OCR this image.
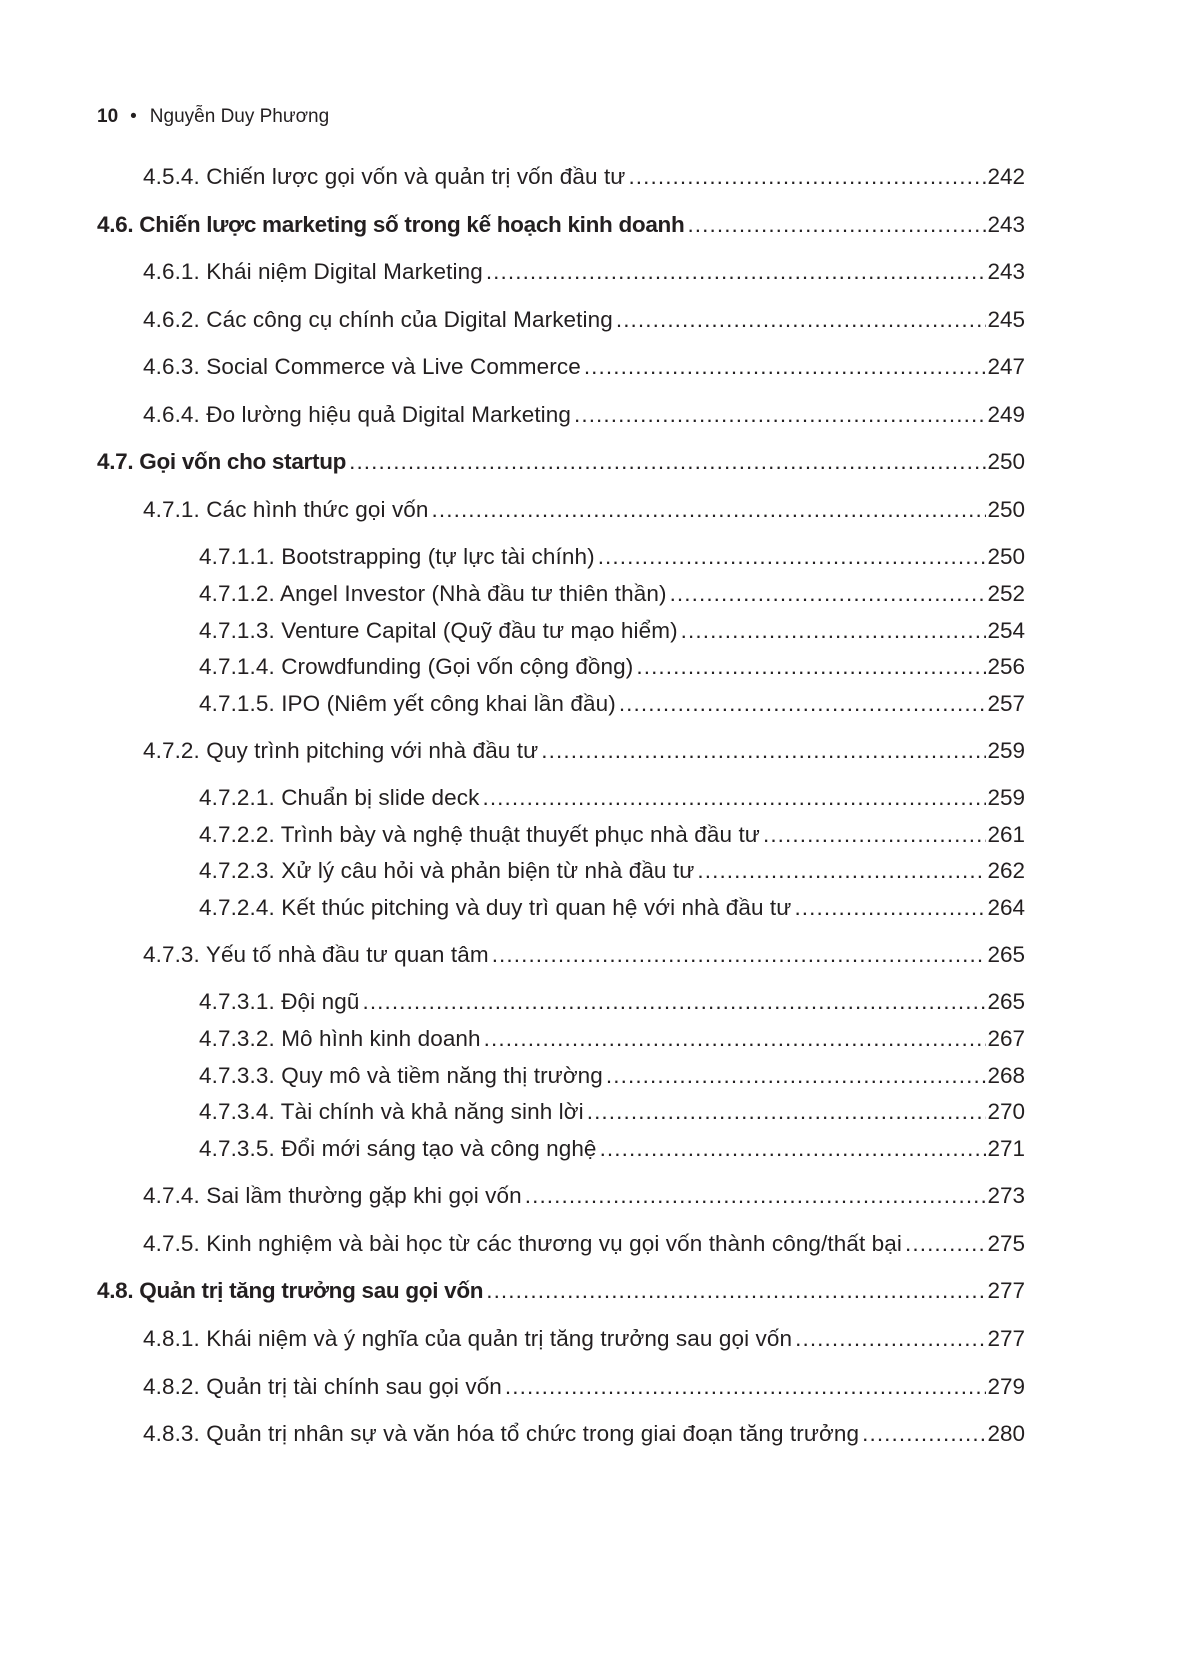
10 • Nguyễn Duy Phương
4.5.4. Chiến lược gọi vốn và quản trị vốn đầu tư .....	242
4.6. Chiến lược marketing số trong kế hoạch kinh doanh .....	243
4.6.1. Khái niệm Digital Marketing .....	243
4.6.2. Các công cụ chính của Digital Marketing .....	245
4.6.3. Social Commerce và Live Commerce .....	247
4.6.4. Đo lường hiệu quả Digital Marketing .....	249
4.7. Gọi vốn cho startup .....	250
4.7.1. Các hình thức gọi vốn .....	250
4.7.1.1. Bootstrapping (tự lực tài chính) .....	250
4.7.1.2. Angel Investor (Nhà đầu tư thiên thần) .....	252
4.7.1.3. Venture Capital (Quỹ đầu tư mạo hiểm) .....	254
4.7.1.4. Crowdfunding (Gọi vốn cộng đồng) .....	256
4.7.1.5. IPO (Niêm yết công khai lần đầu) .....	257
4.7.2. Quy trình pitching với nhà đầu tư .....	259
4.7.2.1. Chuẩn bị slide deck .....	259
4.7.2.2. Trình bày và nghệ thuật thuyết phục nhà đầu tư .....	261
4.7.2.3. Xử lý câu hỏi và phản biện từ nhà đầu tư .....	262
4.7.2.4. Kết thúc pitching và duy trì quan hệ với nhà đầu tư .....	264
4.7.3. Yếu tố nhà đầu tư quan tâm .....	265
4.7.3.1. Đội ngũ .....	265
4.7.3.2. Mô hình kinh doanh .....	267
4.7.3.3. Quy mô và tiềm năng thị trường .....	268
4.7.3.4. Tài chính và khả năng sinh lời .....	270
4.7.3.5. Đổi mới sáng tạo và công nghệ .....	271
4.7.4. Sai lầm thường gặp khi gọi vốn .....	273
4.7.5. Kinh nghiệm và bài học từ các thương vụ gọi vốn thành công/thất bại .....	275
4.8. Quản trị tăng trưởng sau gọi vốn .....	277
4.8.1. Khái niệm và ý nghĩa của quản trị tăng trưởng sau gọi vốn .....	277
4.8.2. Quản trị tài chính sau gọi vốn .....	279
4.8.3. Quản trị nhân sự và văn hóa tổ chức trong giai đoạn tăng trưởng .....	280
